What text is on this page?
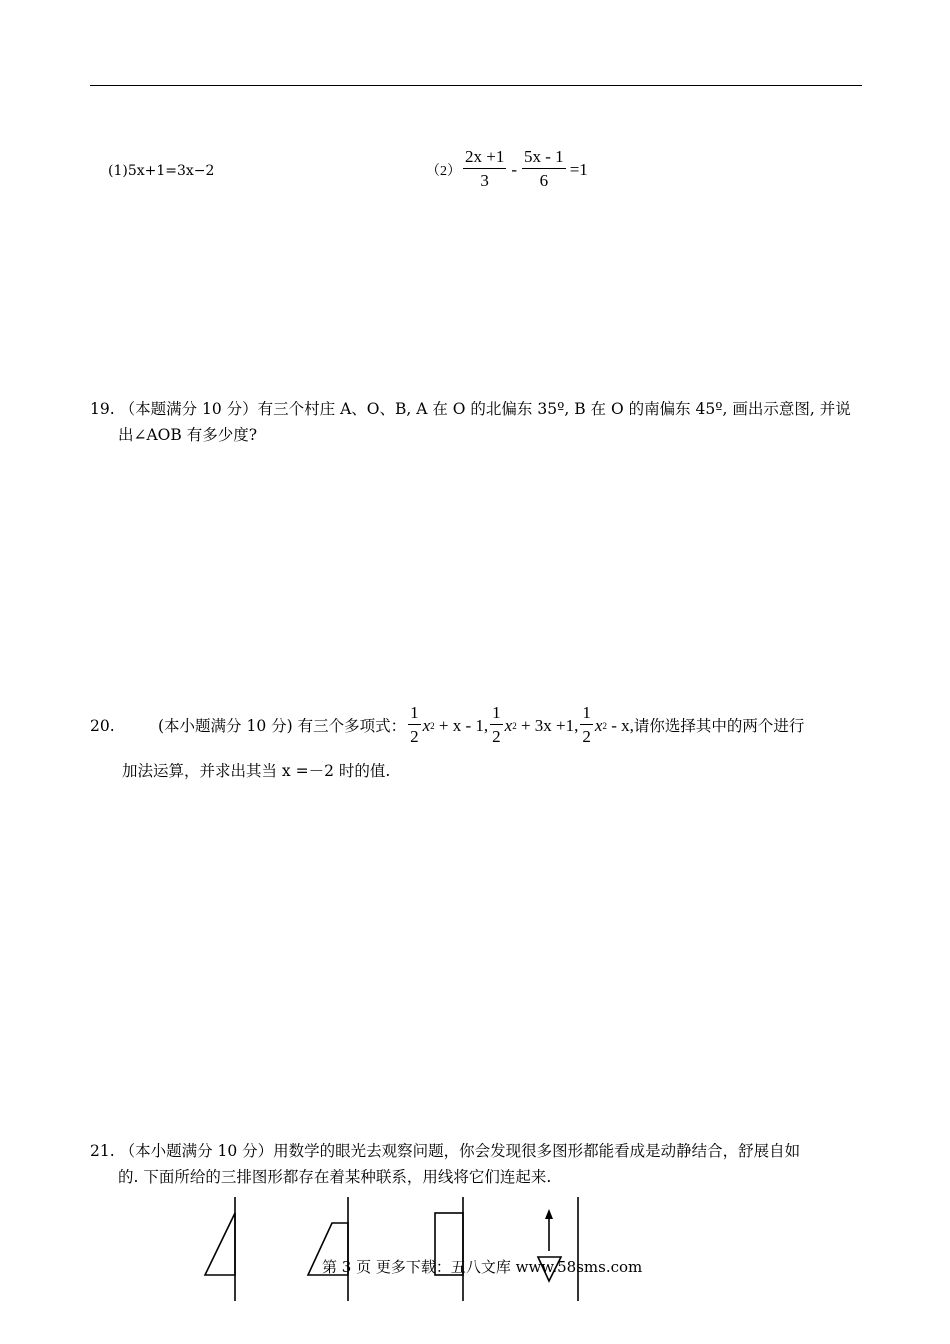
(1)5x+1=3x−2	$(2) \frac{2x +1}{3} - \frac{5x - 1}{6} =1$
19. （本题满分 10 分）有三个村庄 A、O、B, A 在 O 的北偏东 35º, B 在 O 的南偏东 45º, 画出示意图, 并说
出∠AOB 有多少度?
20.	(本小题满分 10 分) 有三个多项式： $\frac{1}{2}$ x 2
+ x - 1, $\frac{1}{2}$ x 2
+ 3x +1, $\frac{1}{2}$ x 2
- x, 请你选择其中的两个进行
加法运算，并求出其当 x =－2 时的值.
21. （本小题满分 10 分）用数学的眼光去观察问题，你会发现很多图形都能看成是动静结合，舒展自如
的. 下面所给的三排图形都存在着某种联系，用线将它们连起来.
第 3 页 更多下载：五八文库 www.58sms.com
